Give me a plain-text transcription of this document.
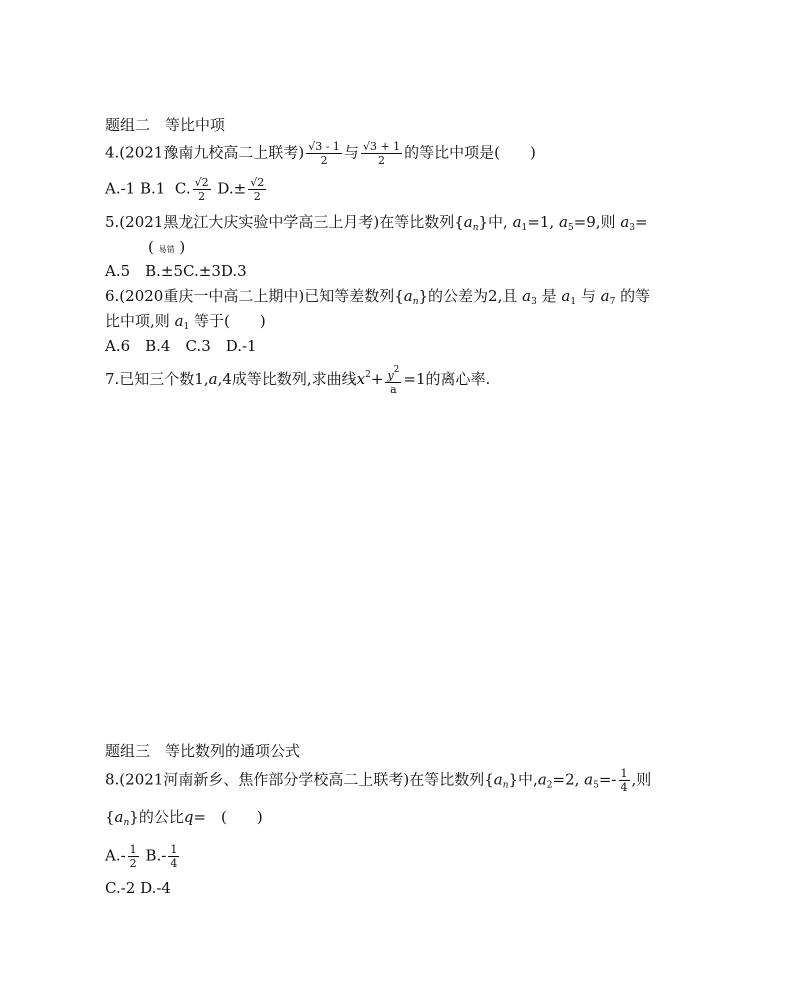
题组二　等比中项
4.(2021豫南九校高二上联考) $\frac{√3 - 1}{2}$ 与 $\frac{√3 + 1}{2}$ 的等比中项是(　　)
A.-1 B.1 C. $\frac{√2}{2} D.\pm \frac{√2}{2}$
5.(2021黑龙江大庆实验中学高三上月考)在等比数列$\{a_n\}$中, $a_1=1$, $a_5=9$,则 $a_3=$
( 易错 )
A.5　B.±5C.±3D.3
6.(2020重庆一中高二上期中)已知等差数列$\{a_n\}$的公差为2,且 $a_3$ 是 $a_1$ 与 $a_7$ 的等
比中项,则 $a_1$ 等于(　　)
A.6　B.4　C.3　D.-1
7.已知三个数1,a,4成等比数列,求曲线$x^2+ \frac{y^2}{a} =1$的离心率.
题组三　等比数列的通项公式
8.(2021河南新乡、焦作部分学校高二上联考)在等比数列$\{a_n\}$中$,a_2=2$, $a_5=- \frac{1}{4}$ ,则
$\{a_n\}$的公比q=　(　　)
$A.- \frac{1}{2} B.- \frac{1}{4}$
C.-2 D.-4
